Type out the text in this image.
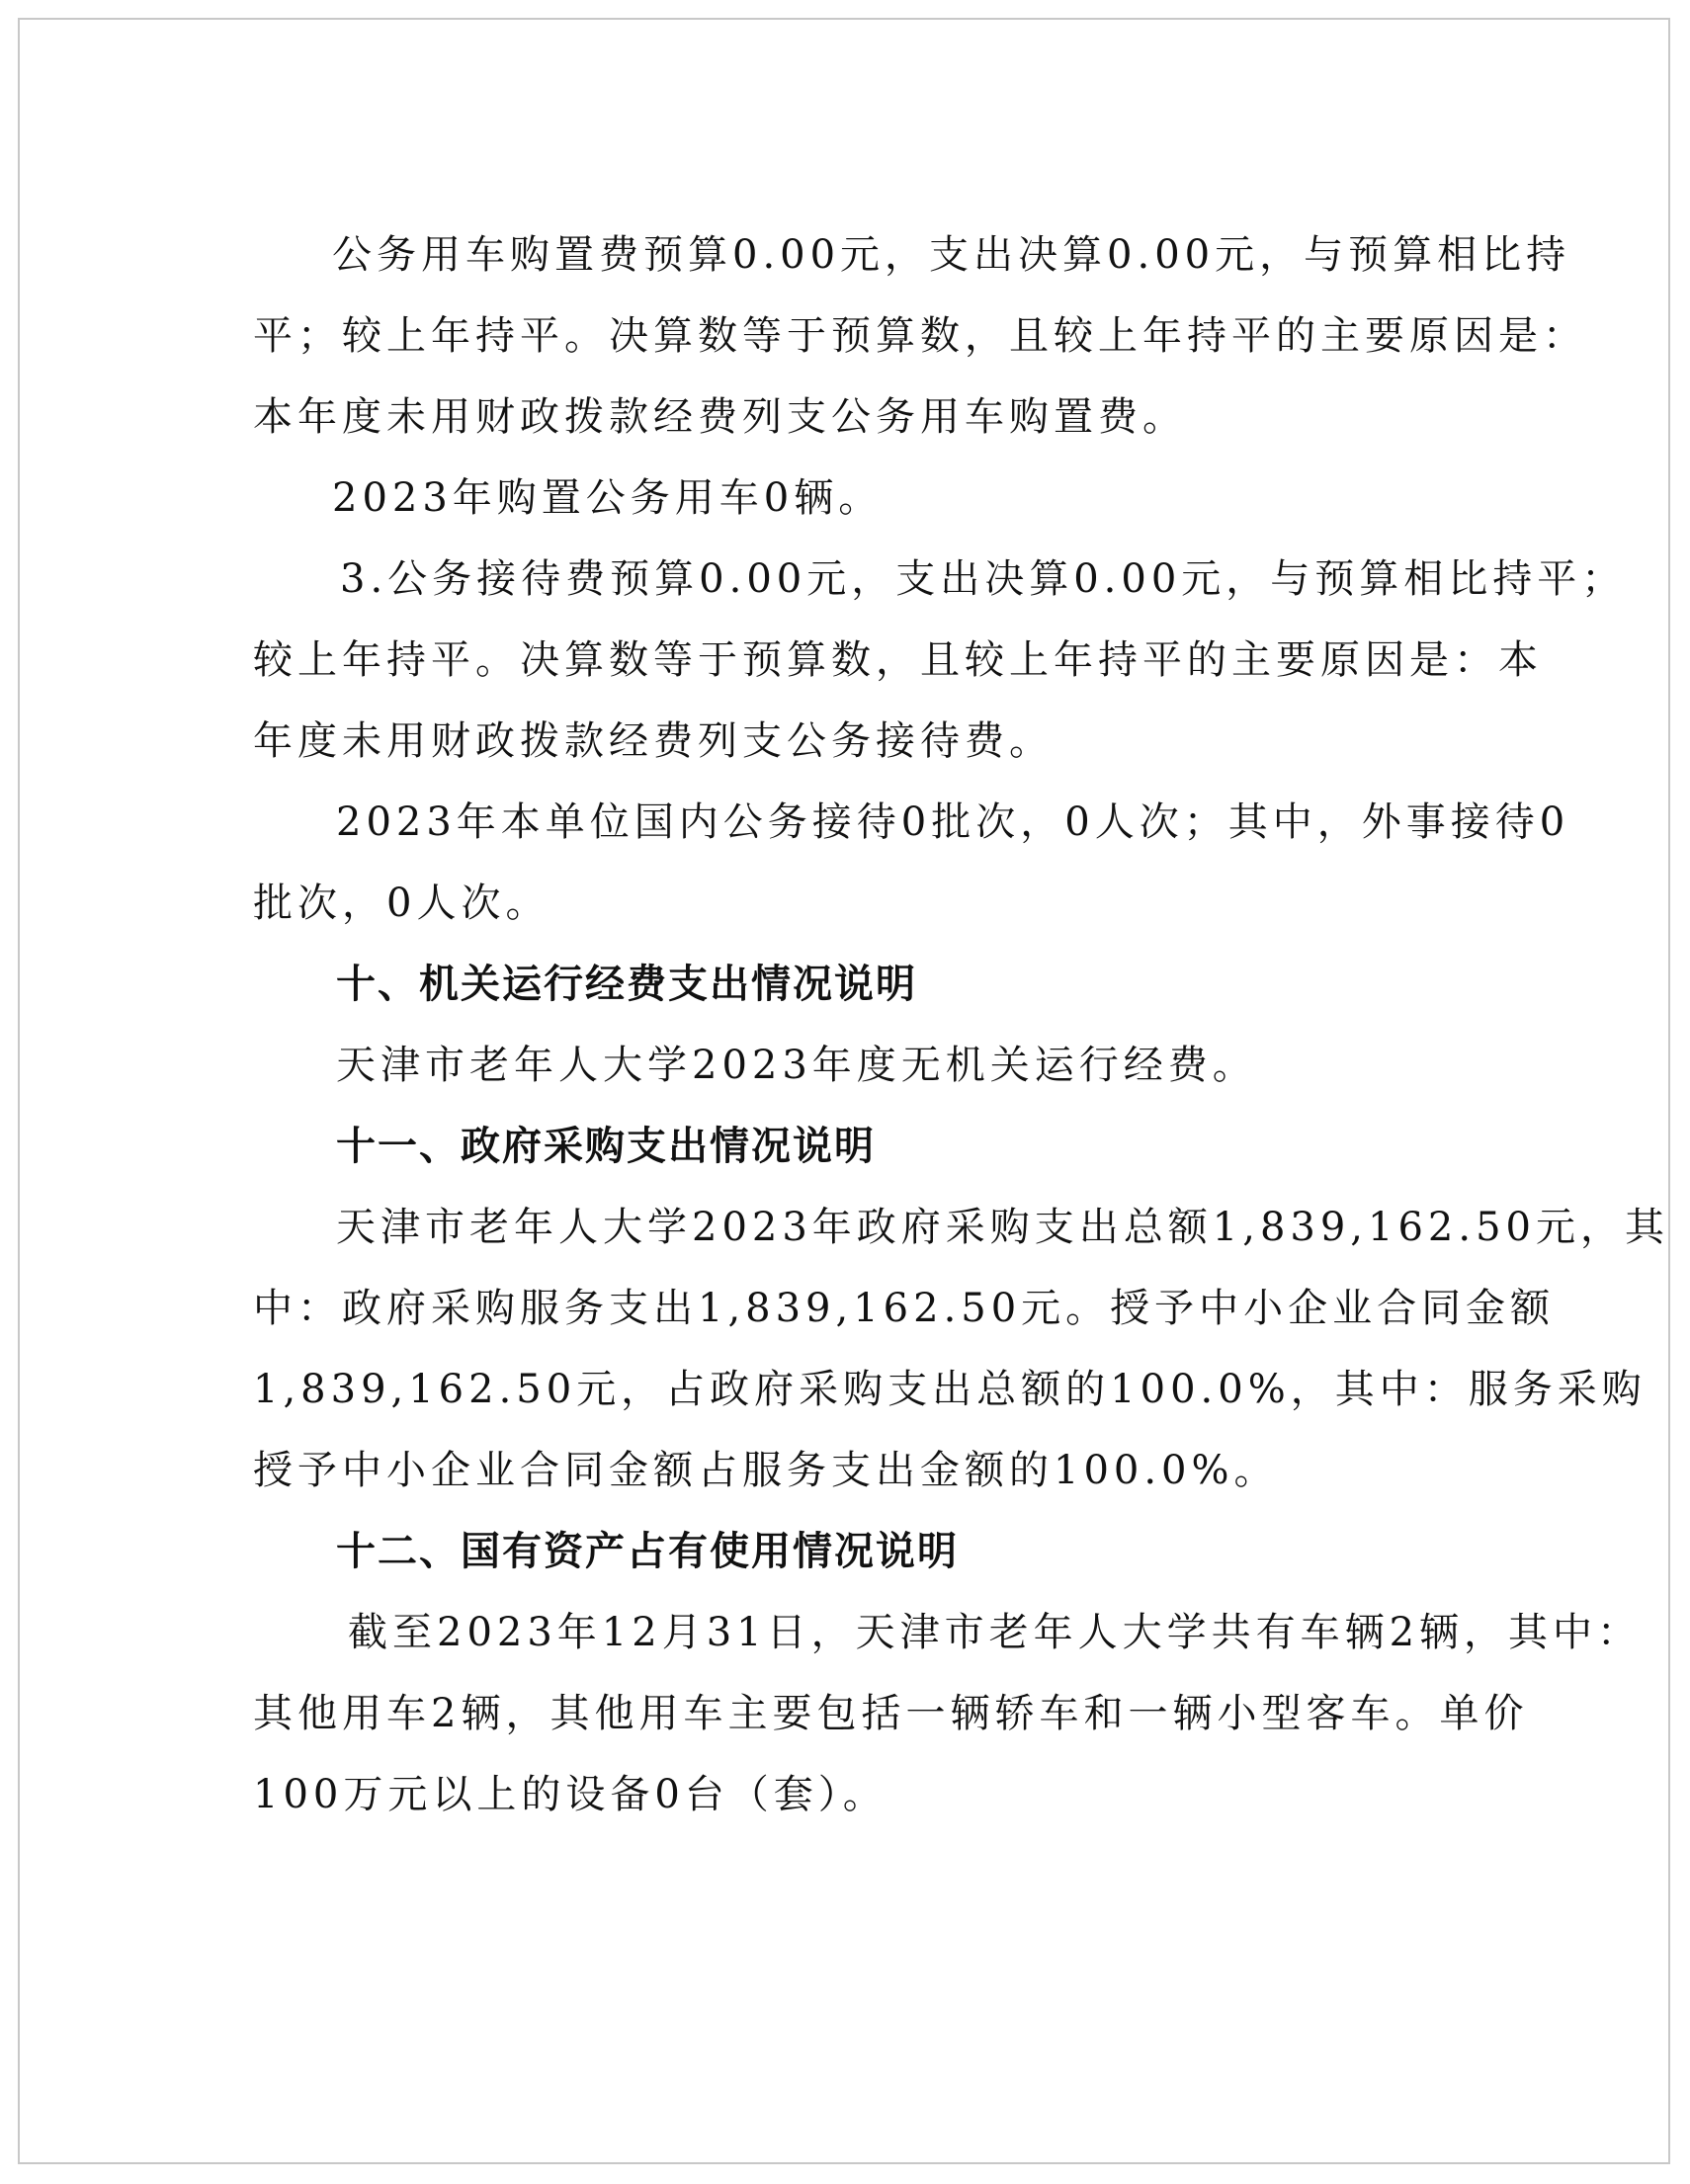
公务用车购置费预算0.00元，支出决算0.00元，与预算相比持
平；较上年持平。决算数等于预算数，且较上年持平的主要原因是：
本年度未用财政拨款经费列支公务用车购置费。
2023年购置公务用车0辆。
3.公务接待费预算0.00元，支出决算0.00元，与预算相比持平；
较上年持平。决算数等于预算数，且较上年持平的主要原因是：本
年度未用财政拨款经费列支公务接待费。
2023年本单位国内公务接待0批次，0人次；其中，外事接待0
批次，0人次。
十、机关运行经费支出情况说明
天津市老年人大学2023年度无机关运行经费。
十一、政府采购支出情况说明
天津市老年人大学2023年政府采购支出总额1,839,162.50元，其
中：政府采购服务支出1,839,162.50元。授予中小企业合同金额
1,839,162.50元，占政府采购支出总额的100.0%，其中：服务采购
授予中小企业合同金额占服务支出金额的100.0%。
十二、国有资产占有使用情况说明
截至2023年12月31日，天津市老年人大学共有车辆2辆，其中：
其他用车2辆，其他用车主要包括一辆轿车和一辆小型客车。单价
100万元以上的设备0台（套）。
